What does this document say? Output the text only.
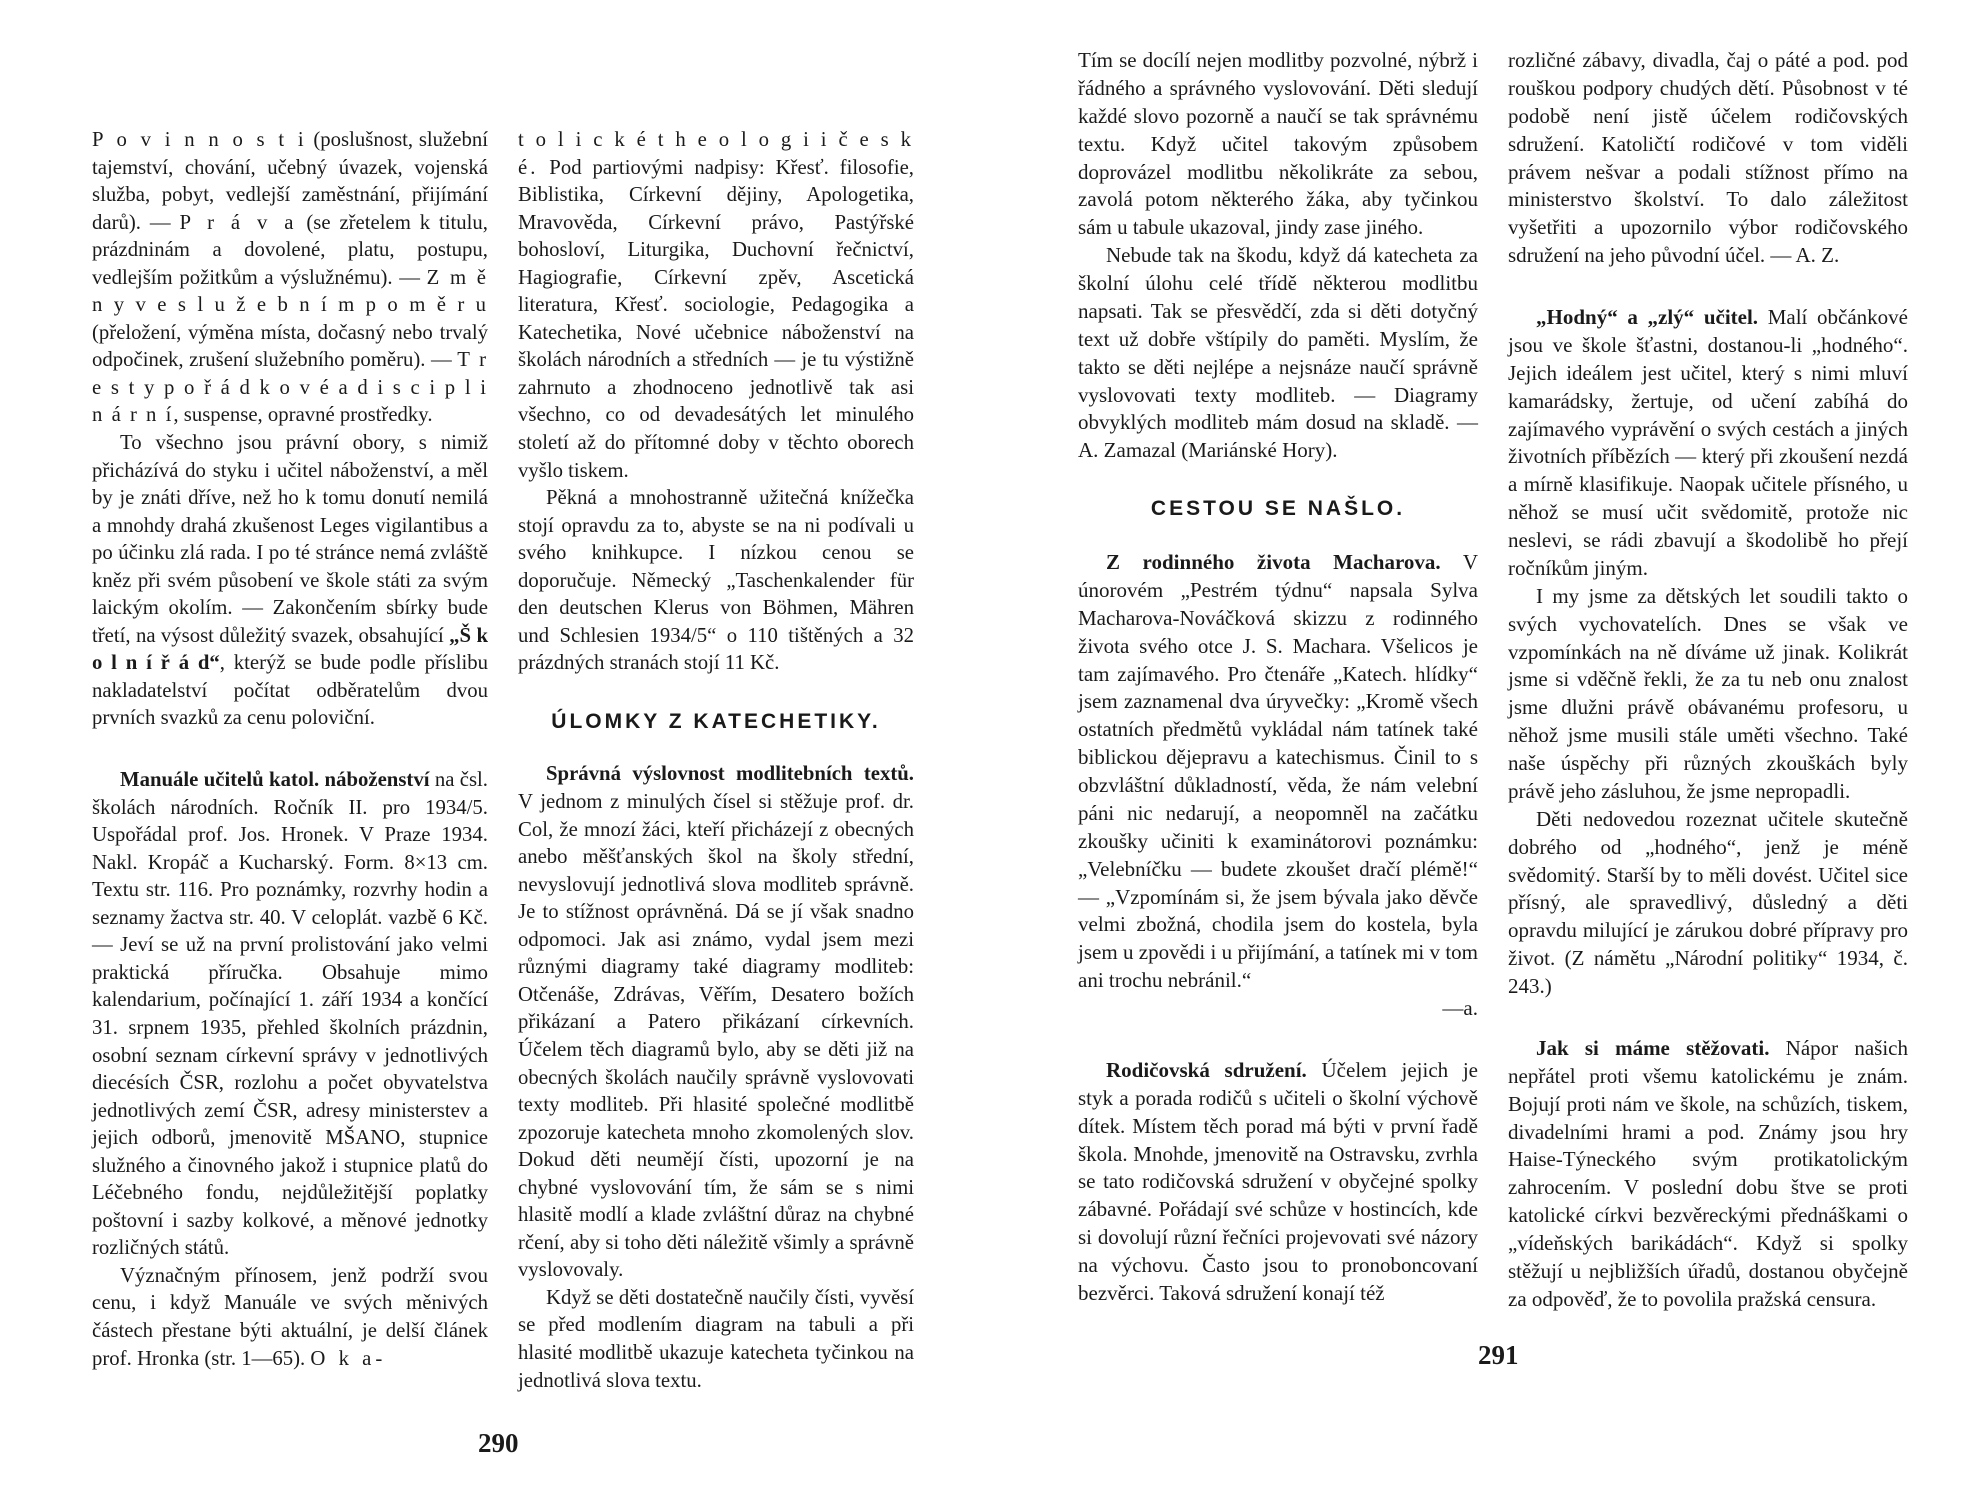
P o v i n n o s t i (poslušnost, služební tajemství, chování, učebný úvazek, vojenská služba, pobyt, vedlejší zaměstnání, přijímání darů). — P r á v a (se zřetelem k titulu, prázdninám a dovolené, platu, postupu, vedlejším požitkům a výslužnému). — Z m ě n y v e s l u ž e b n í m p o m ě r u (přeložení, výměna místa, dočasný nebo trvalý odpočinek, zrušení služebního poměru). — T r e s t y p o ř á d k o v é a d i s c i p l i n á r n í, suspense, opravné prostředky.

To všechno jsou právní obory, s nimiž přicházívá do styku i učitel náboženství, a měl by je znáti dříve, než ho k tomu donutí nemilá a mnohdy drahá zkušenost Leges vigilantibus a po účinku zlá rada. I po té stránce nemá zvláště kněz při svém působení ve škole státi za svým laickým okolím. — Zakončením sbírky bude třetí, na výsost důležitý svazek, obsahující „Š k o l n í ř á d“, kterýž se bude podle příslibu nakladatelství počítat odběratelům dvou prvních svazků za cenu poloviční.

Manuále učitelů katol. náboženství na čsl. školách národních. Ročník II. pro 1934/5. Uspořádal prof. Jos. Hronek. V Praze 1934. Nakl. Kropáč a Kucharský. Form. 8×13 cm. Textu str. 116. Pro poznámky, rozvrhy hodin a seznamy žactva str. 40. V celoplát. vazbě 6 Kč. — Jeví se už na první prolistování jako velmi praktická příručka. Obsahuje mimo kalendarium, počínající 1. září 1934 a končící 31. srpnem 1935, přehled školních prázdnin, osobní seznam církevní správy v jednotlivých diecésích ČSR, rozlohu a počet obyvatelstva jednotlivých zemí ČSR, adresy ministerstev a jejich odborů, jmenovitě MŠANO, stupnice služného a činovného jakož i stupnice platů do Léčebného fondu, nejdůležitější poplatky poštovní i sazby kolkové, a měnové jednotky rozličných států.

Význačným přínosem, jenž podrží svou cenu, i když Manuále ve svých měnivých částech přestane býti aktuální, je delší článek prof. Hronka (str. 1—65). O k a-

t o l i c k é t h e o l o g i i č e s k é. Pod partiovými nadpisy: Křesť. filosofie, Biblistika, Církevní dějiny, Apologetika, Mravověda, Církevní právo, Pastýřské bohosloví, Liturgika, Duchovní řečnictví, Hagiografie, Církevní zpěv, Ascetická literatura, Křesť. sociologie, Pedagogika a Katechetika, Nové učebnice náboženství na školách národních a středních — je tu výstižně zahrnuto a zhodnoceno jednotlivě tak asi všechno, co od devadesátých let minulého století až do přítomné doby v těchto oborech vyšlo tiskem.

Pěkná a mnohostranně užitečná knížečka stojí opravdu za to, abyste se na ni podívali u svého knihkupce. I nízkou cenou se doporučuje. Německý „Taschenkalender für den deutschen Klerus von Böhmen, Mähren und Schlesien 1934/5“ o 110 tištěných a 32 prázdných stranách stojí 11 Kč.

ÚLOMKY Z KATECHETIKY.

Správná výslovnost modlitebních textů. V jednom z minulých čísel si stěžuje prof. dr. Col, že mnozí žáci, kteří přicházejí z obecných anebo měšťanských škol na školy střední, nevyslovují jednotlivá slova modliteb správně. Je to stížnost oprávněná. Dá se jí však snadno odpomoci. Jak asi známo, vydal jsem mezi různými diagramy také diagramy modliteb: Otčenáše, Zdrávas, Věřím, Desatero božích přikázaní a Patero přikázaní církevních. Účelem těch diagramů bylo, aby se děti již na obecných školách naučily správně vyslovovati texty modliteb. Při hlasité společné modlitbě zpozoruje katecheta mnoho zkomolených slov. Dokud děti neumějí čísti, upozorní je na chybné vyslovování tím, že sám se s nimi hlasitě modlí a klade zvláštní důraz na chybné rčení, aby si toho děti náležitě všimly a správně vyslovovaly.

Když se děti dostatečně naučily čísti, vyvěsí se před modlením diagram na tabuli a při hlasité modlitbě ukazuje katecheta tyčinkou na jednotlivá slova textu.

290

Tím se docílí nejen modlitby pozvolné, nýbrž i řádného a správného vyslovování. Děti sledují každé slovo pozorně a naučí se tak správnému textu. Když učitel takovým způsobem doprovázel modlitbu několikráte za sebou, zavolá potom některého žáka, aby tyčinkou sám u tabule ukazoval, jindy zase jiného.

Nebude tak na škodu, když dá katecheta za školní úlohu celé třídě některou modlitbu napsati. Tak se přesvědčí, zda si děti dotyčný text už dobře vštípily do paměti. Myslím, že takto se děti nejlépe a nejsnáze naučí správně vyslovovati texty modliteb. — Diagramy obvyklých modliteb mám dosud na skladě. — A. Zamazal (Mariánské Hory).

CESTOU SE NAŠLO.

Z rodinného života Macharova. V únorovém „Pestrém týdnu“ napsala Sylva Macharova-Nováčková skizzu z rodinného života svého otce J. S. Machara. Všelicos je tam zajímavého. Pro čtenáře „Katech. hlídky“ jsem zaznamenal dva úryvečky: „Kromě všech ostatních předmětů vykládal nám tatínek také biblickou dějepravu a katechismus. Činil to s obzvláštní důkladností, věda, že nám velební páni nic nedarují, a neopomněl na začátku zkoušky učiniti k examinátorovi poznámku: „Velebníčku — budete zkoušet dračí plémě!“ — „Vzpomínám si, že jsem bývala jako děvče velmi zbožná, chodila jsem do kostela, byla jsem u zpovědi i u přijímání, a tatínek mi v tom ani trochu nebránil.“

—a.

Rodičovská sdružení. Účelem jejich je styk a porada rodičů s učiteli o školní výchově dítek. Místem těch porad má býti v první řadě škola. Mnohde, jmenovitě na Ostravsku, zvrhla se tato rodičovská sdružení v obyčejné spolky zábavné. Pořádají své schůze v hostincích, kde si dovolují různí řečníci projevovati své názory na výchovu. Často jsou to pronoboncovaní bezvěrci. Taková sdružení konají též

rozličné zábavy, divadla, čaj o páté a pod. pod rouškou podpory chudých dětí. Působnost v té podobě není jistě účelem rodičovských sdružení. Katoličtí rodičové v tom viděli právem nešvar a podali stížnost přímo na ministerstvo školství. To dalo záležitost vyšetřiti a upozornilo výbor rodičovského sdružení na jeho původní účel. — A. Z.

„Hodný“ a „zlý“ učitel. Malí občánkové jsou ve škole šťastni, dostanou-li „hodného“. Jejich ideálem jest učitel, který s nimi mluví kamarádsky, žertuje, od učení zabíhá do zajímavého vyprávění o svých cestách a jiných životních příbězích — který při zkoušení nezdá a mírně klasifikuje. Naopak učitele přísného, u něhož se musí učit svědomitě, protože nic neslevi, se rádi zbavují a škodolibě ho přejí ročníkům jiným.

I my jsme za dětských let soudili takto o svých vychovatelích. Dnes se však ve vzpomínkách na ně díváme už jinak. Kolikrát jsme si vděčně řekli, že za tu neb onu znalost jsme dlužni právě obávanému profesoru, u něhož jsme musili stále uměti všechno. Také naše úspěchy při různých zkouškách byly právě jeho zásluhou, že jsme nepropadli.

Děti nedovedou rozeznat učitele skutečně dobrého od „hodného“, jenž je méně svědomitý. Starší by to měli dovést. Učitel sice přísný, ale spravedlivý, důsledný a děti opravdu milující je zárukou dobré přípravy pro život. (Z námětu „Národní politiky“ 1934, č. 243.)

Jak si máme stěžovati. Nápor našich nepřátel proti všemu katolickému je znám. Bojují proti nám ve škole, na schůzích, tiskem, divadelními hrami a pod. Známy jsou hry Haise-Týneckého svým protikatolickým zahrocením. V poslední dobu štve se proti katolické církvi bezvěreckými přednáškami o „vídeňských barikádách“. Když si spolky stěžují u nejbližších úřadů, dostanou obyčejně za odpověď, že to povolila pražská censura.

291
